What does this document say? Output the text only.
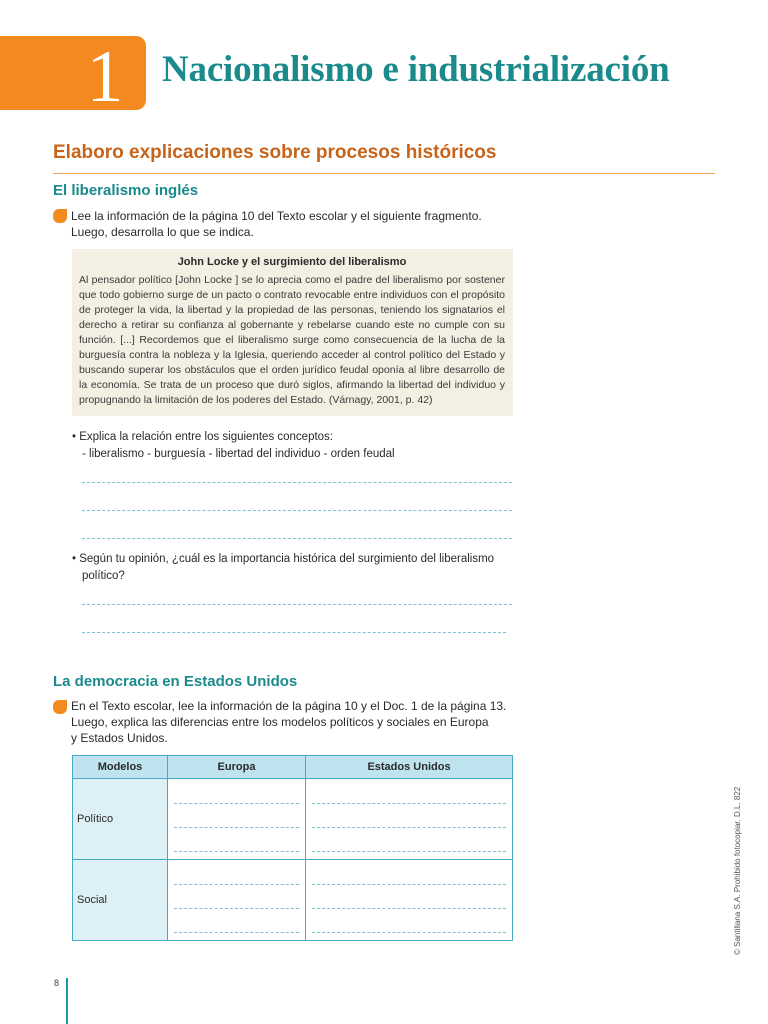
1 Nacionalismo e industrialización
Elaboro explicaciones sobre procesos históricos
El liberalismo inglés

Lee la información de la página 10 del Texto escolar y el siguiente fragmento.

Luego, desarrolla lo que se indica.

John Locke y el surgimiento del liberalismo

Al pensador político [John Locke ] se lo aprecia como el padre del liberalismo por sostener que todo gobierno surge de un pacto o contrato revocable entre individuos con el propósito de proteger la vida, la libertad y la propiedad de las personas, teniendo los signatarios el derecho a retirar su confianza al gobernante y rebelarse cuando este no cumple con su función. [...] Recordemos que el liberalismo surge como consecuencia de la lucha de la burguesía contra la nobleza y la Iglesia, queriendo acceder al control político del Estado y buscando superar los obstáculos que el orden jurídico feudal oponía al libre desarrollo de la economía. Se trata de un proceso que duró siglos, afirmando la libertad del individuo y propugnando la limitación de los poderes del Estado. (Várnagy, 2001, p. 42)

• Explica la relación entre los siguientes conceptos:

- liberalismo - burguesía - libertad del individuo - orden feudal

• Según tu opinión, ¿cuál es la importancia histórica del surgimiento del liberalismo

político?

La democracia en Estados Unidos

En el Texto escolar, lee la información de la página 10 y el Doc. 1 de la página 13.

Luego, explica las diferencias entre los modelos políticos y sociales en Europa

y Estados Unidos.

Modelos	Europa	Estados Unidos
Político	

Social	

8
© Santillana S.A. Prohibido fotocopiar. D.L. 822
